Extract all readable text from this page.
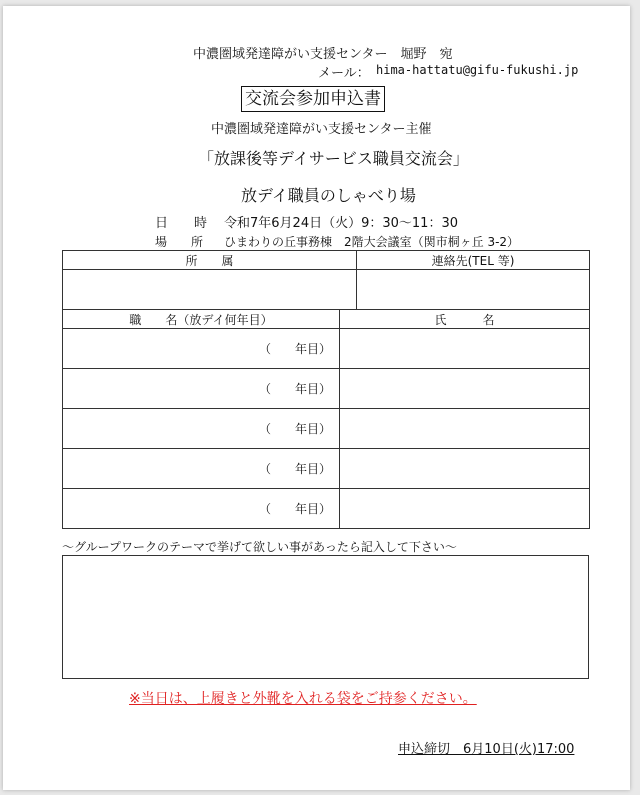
中濃圏域発達障がい支援センター　堀野　宛
メール： hima-hattatu@gifu-fukushi.jp
交流会参加申込書
中濃圏域発達障がい支援センター主催
「放課後等デイサービス職員交流会」
放デイ職員のしゃべり場
日　　時 令和7年6月24日（火）9：30～11：30
場　　所 ひまわりの丘事務棟　2階大会議室（関市桐ヶ丘 3-2）
所　　属	連絡先(TEL 等)

職　　名（放デイ何年目）	氏　　　名
（　　年目）	
（　　年目）	
（　　年目）	
（　　年目）	
（　　年目）	
～グループワークのテーマで挙げて欲しい事があったら記入して下さい～
※当日は、上履きと外靴を入れる袋をご持参ください。
申込締切　6月10日(火)17:00
